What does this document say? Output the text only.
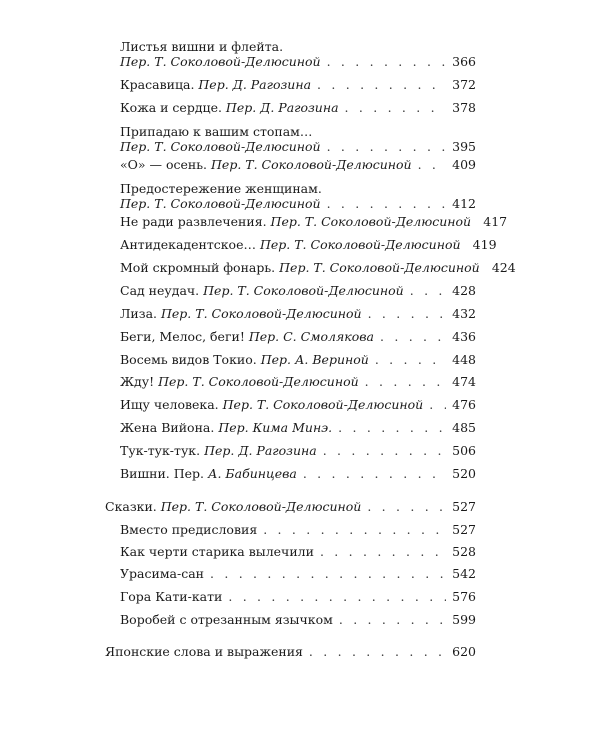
Листья вишни и флейта.
Пер. Т. Соколовой-Делюсиной . . .	366
Красавица. Пер. Д. Рагозина . . .	372
Кожа и сердце. Пер. Д. Рагозина . . .	378
Припадаю к вашим стопам…
Пер. Т. Соколовой-Делюсиной . . .	395
«О» — осень. Пер. Т. Соколовой-Делюсиной . . .	409
Предостережение женщинам.
Пер. Т. Соколовой-Делюсиной . . .	412
Не ради развлечения. Пер. Т. Соколовой-Делюсиной 417
Антидекадентское… Пер. Т. Соколовой-Делюсиной 419
Мой скромный фонарь. Пер. Т. Соколовой-Делюсиной 424
Сад неудач. Пер. Т. Соколовой-Делюсиной . . .	428
Лиза. Пер. Т. Соколовой-Делюсиной . . .	432
Беги, Мелос, беги! Пер. С. Смолякова . . .	436
Восемь видов Токио. Пер. А. Вериной . . .	448
Жду! Пер. Т. Соколовой-Делюсиной . . .	474
Ищу человека. Пер. Т. Соколовой-Делюсиной . . . 476
Жена Вийона. Пер. Кима Минэ. . . .	485
Тук-тук-тук. Пер. Д. Рагозина . . .	506
Вишни. Пер. А. Бабинцева . . .	520
Сказки. Пер. Т. Соколовой-Делюсиной . . .	527
Вместо предисловия . . .	527
Как черти старика вылечили . . .	528
Урасима-сан . . .	542
Гора Кати-кати . . .	576
Воробей с отрезанным язычком . . .	599
Японские слова и выражения . . .	620
